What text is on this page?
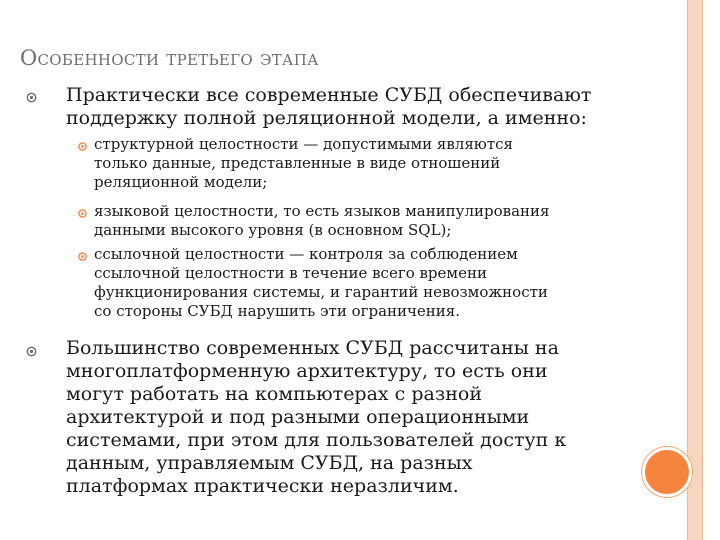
Особенности третьего этапа
Практически все современные СУБД обеспечивают
поддержку полной реляционной модели, а именно:
структурной целостности — допустимыми являются
только данные, представленные в виде отношений
реляционной модели;
языковой целостности, то есть языков манипулирования
данными высокого уровня (в основном SQL);
ссылочной целостности — контроля за соблюдением
ссылочной целостности в течение всего времени
функционирования системы, и гарантий невозможности
со стороны СУБД нарушить эти ограничения.
Большинство современных СУБД рассчитаны на
многоплатформенную архитектуру, то есть они
могут работать на компьютерах с разной
архитектурой и под разными операционными
системами, при этом для пользователей доступ к
данным, управляемым СУБД, на разных
платформах практически неразличим.
